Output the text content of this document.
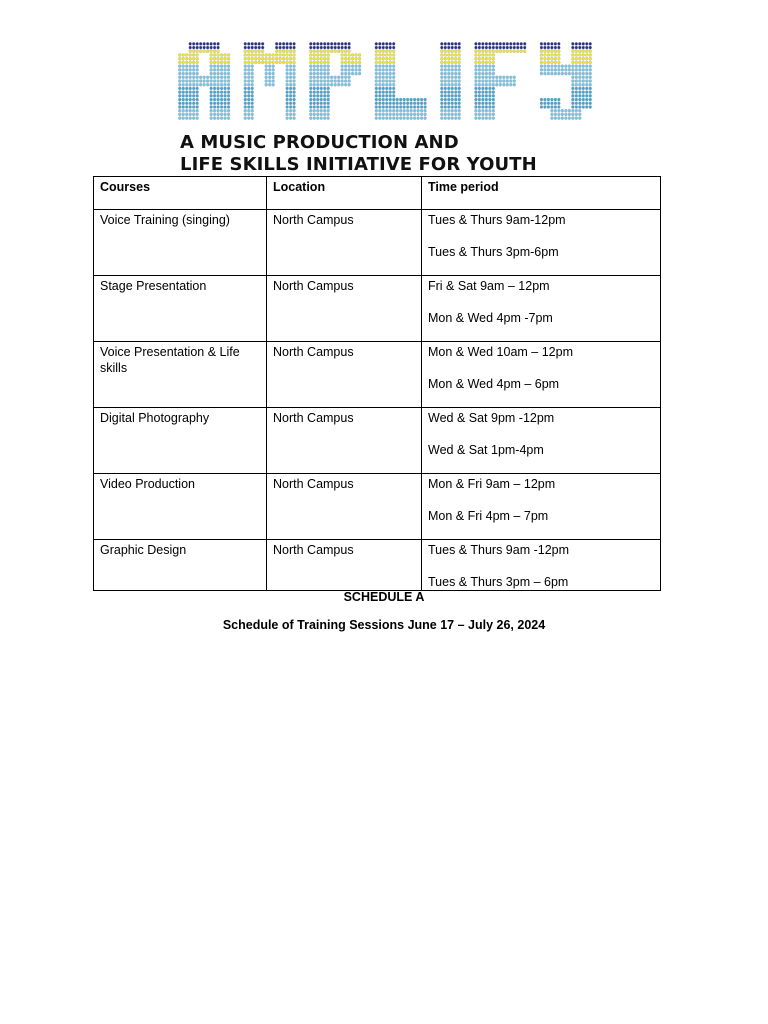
A MUSIC PRODUCTION AND
LIFE SKILLS INITIATIVE FOR YOUTH
Courses	Location	Time period
Voice Training (singing)	North Campus	Tues & Thurs 9am-12pm
Tues & Thurs 3pm-6pm

Stage Presentation	North Campus	Fri & Sat 9am – 12pm
Mon & Wed 4pm -7pm

Voice Presentation & Life skills	North Campus	Mon & Wed 10am – 12pm
Mon & Wed 4pm – 6pm

Digital Photography	North Campus	Wed & Sat 9pm -12pm
Wed & Sat 1pm-4pm

Video Production	North Campus	Mon & Fri 9am – 12pm
Mon & Fri 4pm – 7pm

Graphic Design	North Campus	Tues & Thurs 9am -12pm
Tues & Thurs 3pm – 6pm

SCHEDULE A

Schedule of Training Sessions June 17 – July 26, 2024
